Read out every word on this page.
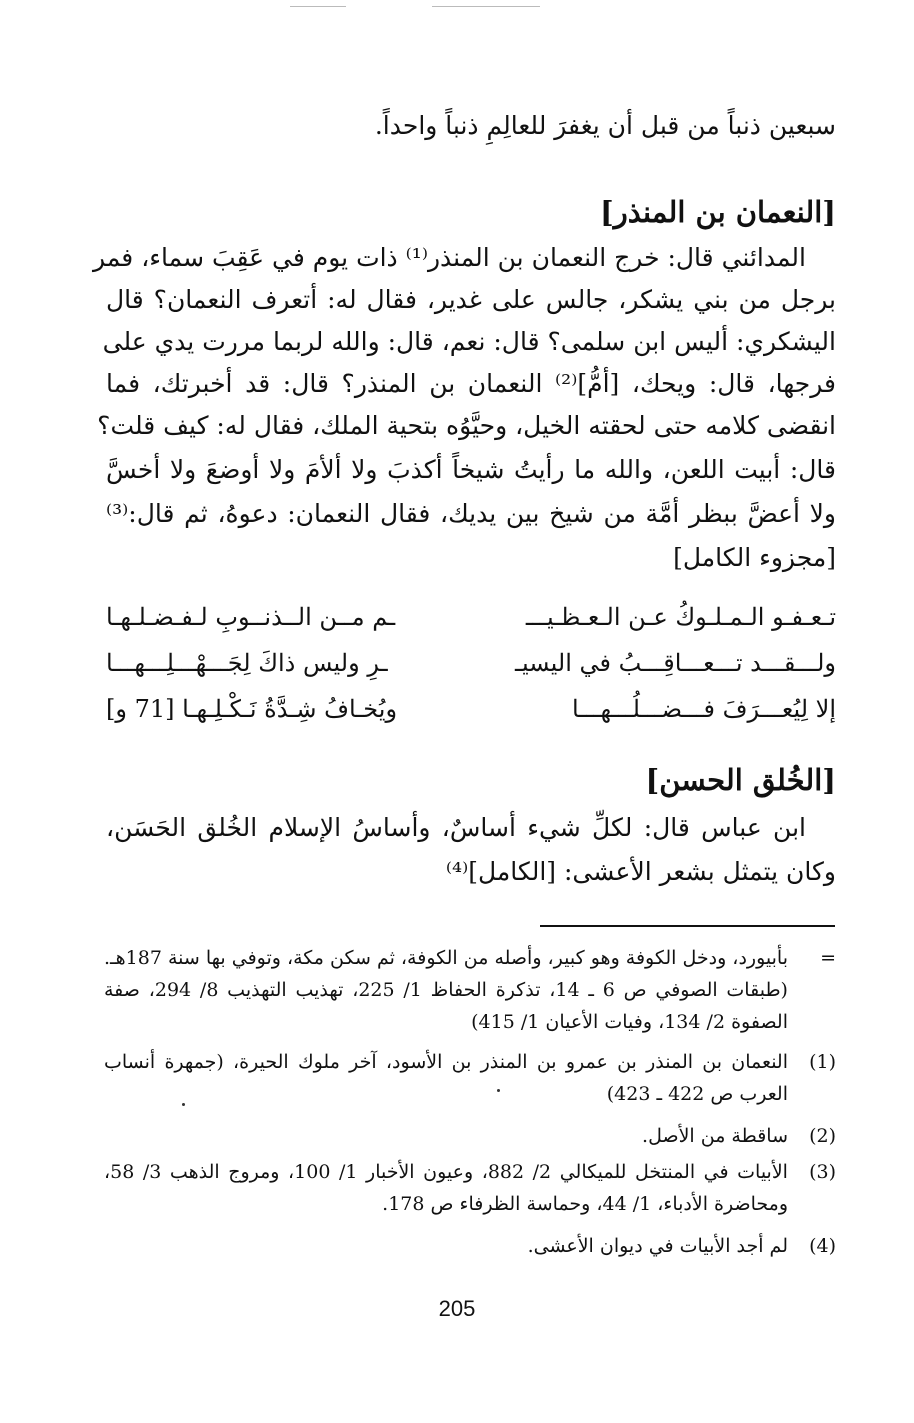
سبعين ذنباً من قبل أن يغفرَ للعالِمِ ذنباً واحداً.
[النعمان بن المنذر]
المدائني قال: خرج النعمان بن المنذر⁽¹⁾ ذات يوم في عَقِبَ سماء، فمر
برجل من بني يشكر، جالس على غدير، فقال له: أتعرف النعمان؟ قال
اليشكري: أليس ابن سلمى؟ قال: نعم، قال: والله لربما مررت يدي على
فرجها، قال: ويحك، [أمُّ]⁽²⁾ النعمان بن المنذر؟ قال: قد أخبرتك، فما
انقضى كلامه حتى لحقته الخيل، وحيَّوُه بتحية الملك، فقال له: كيف قلت؟
قال: أبيت اللعن، والله ما رأيتُ شيخاً أكذبَ ولا ألأمَ ولا أوضعَ ولا أخسَّ
ولا أعضَّ ببظر أمَّة من شيخ بين يديك، فقال النعمان: دعوهُ، ثم قال:⁽³⁾
[مجزوء الكامل]
تـعـفـو الـمـلـوكُ عـن الـعـظـيـــ
ـم مــن الــذنــوبِ لـفـضـلـهـا
ولـــقـــد تـــعـــاقِـــبُ في اليسيـ
ـرِ وليس ذاكَ لِجَـــهْـــلِـــهـــا
إلا لِيُعـــرَفَ فـــضـــلُـــهـــا
ويُخـافُ شِـدَّةُ نَـكْـلِـهـا [71 و]
[الخُلق الحسن]
ابن عباس قال: لكلِّ شيء أساسٌ، وأساسُ الإسلام الخُلق الحَسَن،
وكان يتمثل بشعر الأعشى: [الكامل]⁽⁴⁾
=
بأبيورد، ودخل الكوفة وهو كبير، وأصله من الكوفة، ثم سكن مكة، وتوفي بها سنة 187هـ. (طبقات الصوفي ص 6 ـ 14، تذكرة الحفاظ 1/ 225، تهذيب التهذيب 8/ 294، صفة الصفوة 2/ 134، وفيات الأعيان 1/ 415)
(1)
النعمان بن المنذر بن عمرو بن المنذر بن الأسود، آخر ملوك الحيرة، (جمهرة أنساب العرب ص 422 ـ 423)
(2)
ساقطة من الأصل.
(3)
الأبيات في المنتخل للميكالي 2/ 882، وعيون الأخبار 1/ 100، ومروج الذهب 3/ 58، ومحاضرة الأدباء، 1/ 44، وحماسة الظرفاء ص 178.
(4)
لم أجد الأبيات في ديوان الأعشى.
205
